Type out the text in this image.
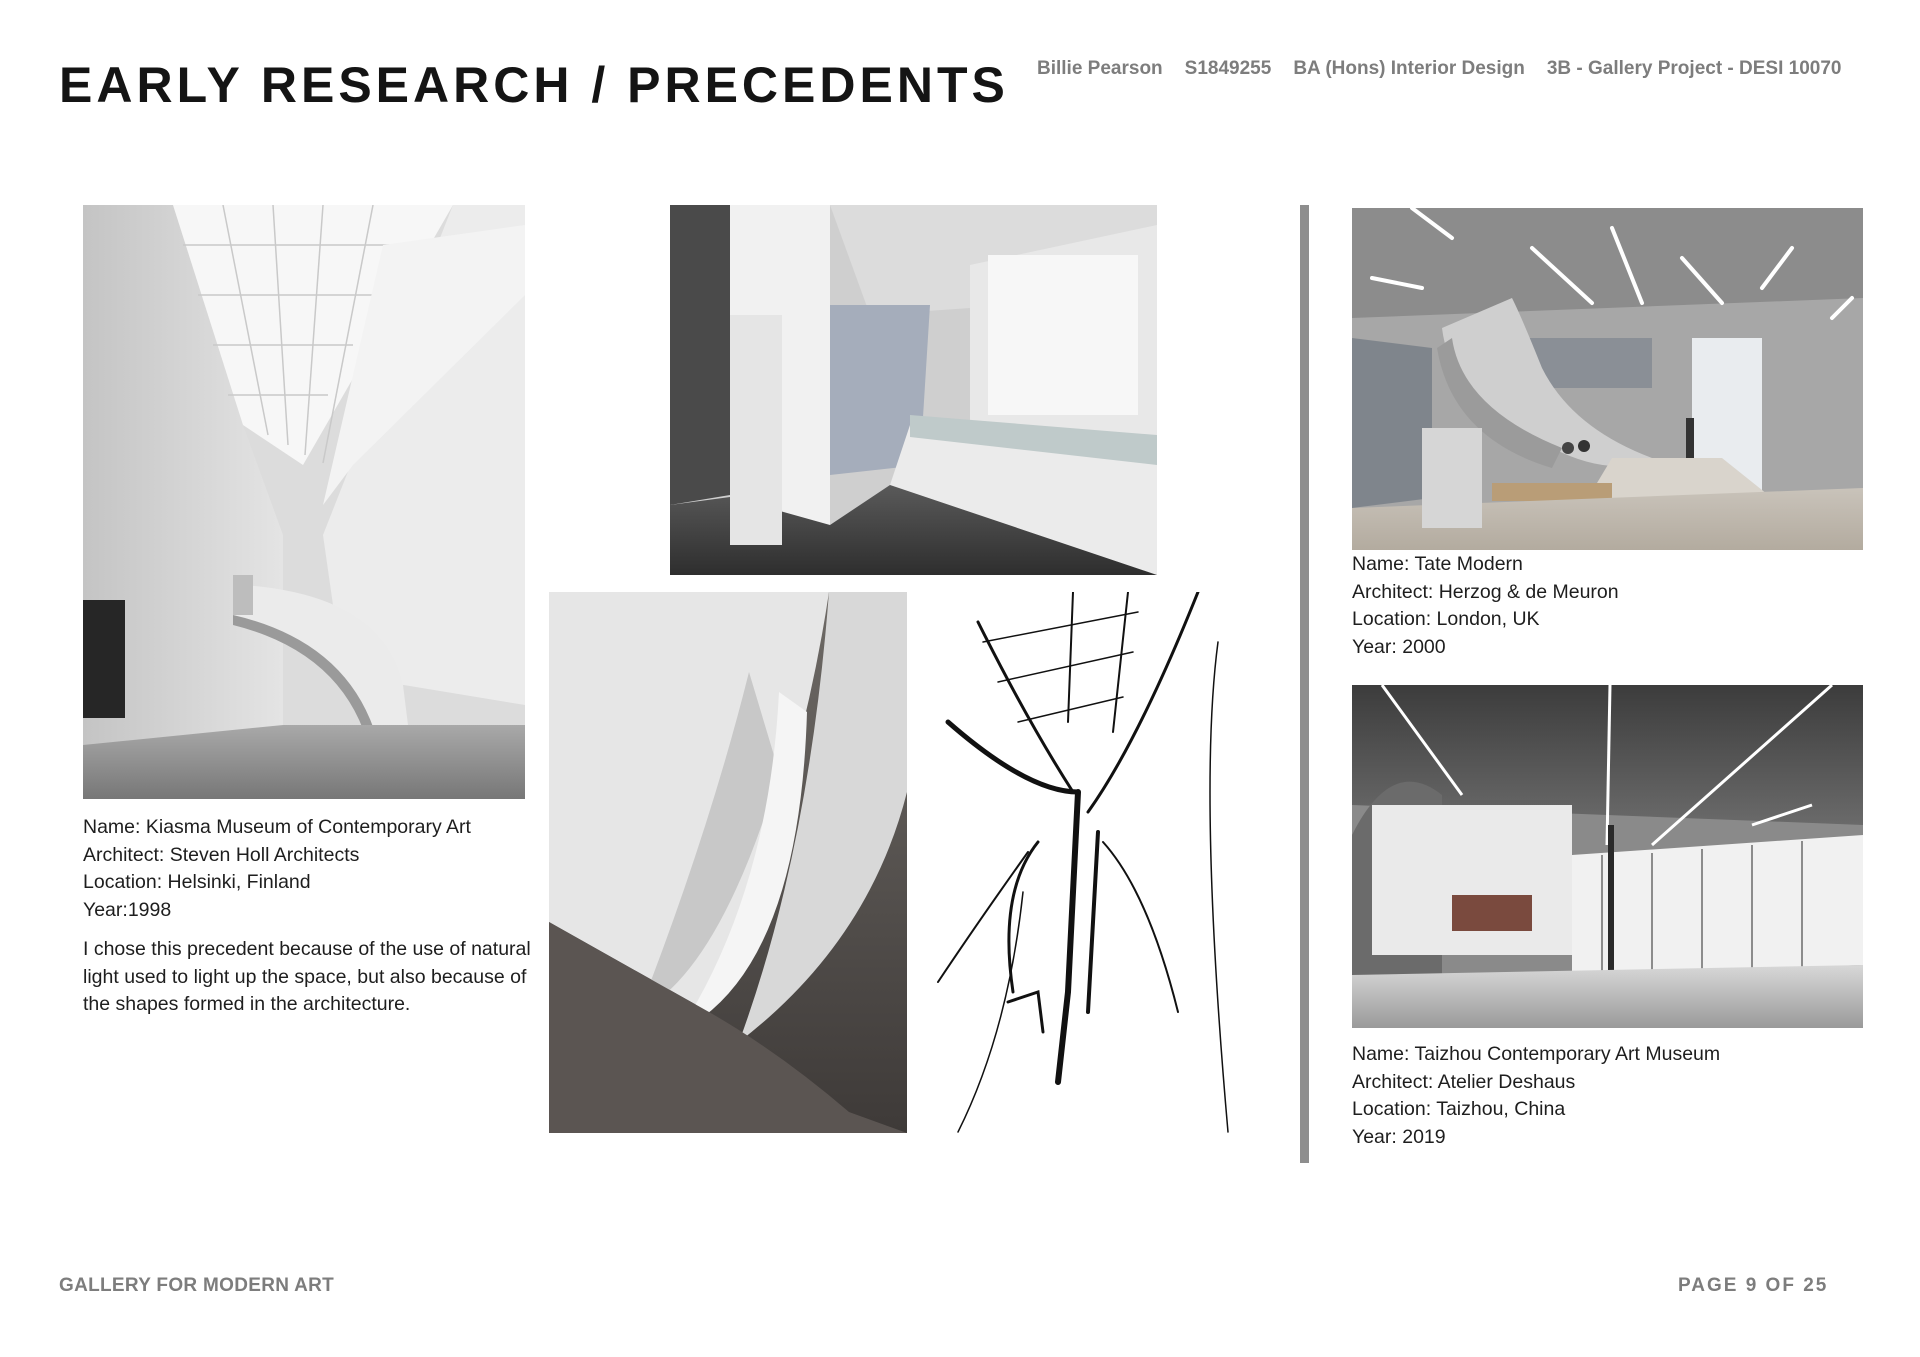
EARLY RESEARCH / PRECEDENTS Billie Pearson S1849255 BA (Hons) Interior Design 3B - Gallery Project - DESI 10070

Name: Kiasma Museum of Contemporary Art

Architect: Steven Holl Architects

Location: Helsinki, Finland

Year:1998

I chose this precedent because of the use of natural light used to light up the space, but also because of the shapes formed in the architecture.

Name: Tate Modern

Architect: Herzog & de Meuron

Location: London, UK

Year: 2000

Name: Taizhou Contemporary Art Museum

Architect: Atelier Deshaus

Location: Taizhou, China

Year: 2019

GALLERY FOR MODERN ART	PAGE 9 OF 25
